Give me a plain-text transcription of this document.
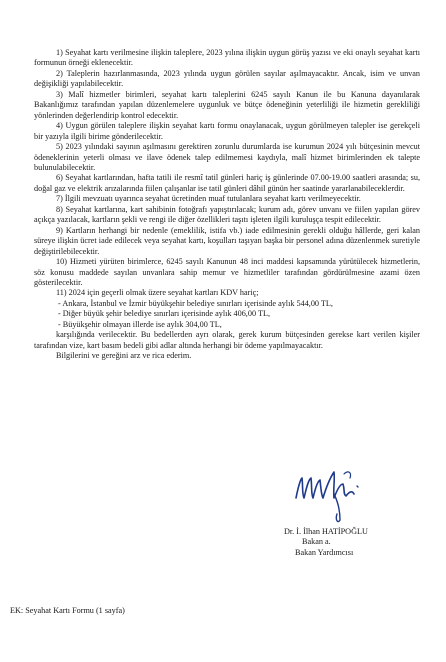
1) Seyahat kartı verilmesine ilişkin taleplere, 2023 yılına ilişkin uygun görüş yazısı ve eki onaylı seyahat kartı formunun örneği eklenecektir.

2) Taleplerin hazırlanmasında, 2023 yılında uygun görülen sayılar aşılmayacaktır. Ancak, isim ve unvan değişikliği yapılabilecektir.

3) Malî hizmetler birimleri, seyahat kartı taleplerini 6245 sayılı Kanun ile bu Kanuna dayanılarak Bakanlığımız tarafından yapılan düzenlemelere uygunluk ve bütçe ödeneğinin yeterliliği ile hizmetin gerekliliği yönlerinden değerlendirip kontrol edecektir.

4) Uygun görülen taleplere ilişkin seyahat kartı formu onaylanacak, uygun görülmeyen talepler ise gerekçeli bir yazıyla ilgili birime gönderilecektir.

5) 2023 yılındaki sayının aşılmasını gerektiren zorunlu durumlarda ise kurumun 2024 yılı bütçesinin mevcut ödeneklerinin yeterli olması ve ilave ödenek talep edilmemesi kaydıyla, malî hizmet birimlerinden ek talepte bulunulabilecektir.

6) Seyahat kartlarından, hafta tatili ile resmî tatil günleri hariç iş günlerinde 07.00-19.00 saatleri arasında; su, doğal gaz ve elektrik arızalarında fiilen çalışanlar ise tatil günleri dâhil günün her saatinde yararlanabileceklerdir.

7) İlgili mevzuatı uyarınca seyahat ücretinden muaf tutulanlara seyahat kartı verilmeyecektir.

8) Seyahat kartlarına, kart sahibinin fotoğrafı yapıştırılacak; kurum adı, görev unvanı ve fiilen yapılan görev açıkça yazılacak, kartların şekli ve rengi ile diğer özellikleri taşıtı işleten ilgili kuruluşça tespit edilecektir.

9) Kartların herhangi bir nedenle (emeklilik, istifa vb.) iade edilmesinin gerekli olduğu hâllerde, geri kalan süreye ilişkin ücret iade edilecek veya seyahat kartı, koşulları taşıyan başka bir personel adına düzenlenmek suretiyle değiştirilebilecektir.

10) Hizmeti yürüten birimlerce, 6245 sayılı Kanunun 48 inci maddesi kapsamında yürütülecek hizmetlerin, söz konusu maddede sayılan unvanlara sahip memur ve hizmetliler tarafından gördürülmesine azami özen gösterilecektir.

11) 2024 için geçerli olmak üzere seyahat kartları KDV hariç;

- Ankara, İstanbul ve İzmir büyükşehir belediye sınırları içerisinde aylık 544,00 TL,

- Diğer büyük şehir belediye sınırları içerisinde aylık 406,00 TL,

- Büyükşehir olmayan illerde ise aylık 304,00 TL,

karşılığında verilecektir. Bu bedellerden ayrı olarak, gerek kurum bütçesinden gerekse kart verilen kişiler tarafından vize, kart basım bedeli gibi adlar altında herhangi bir ödeme yapılmayacaktır.

Bilgilerini ve gereğini arz ve rica ederim.

Dr. İ. İlhan HATİPOĞLU
Bakan a.
Bakan Yardımcısı
EK: Seyahat Kartı Formu (1 sayfa)
